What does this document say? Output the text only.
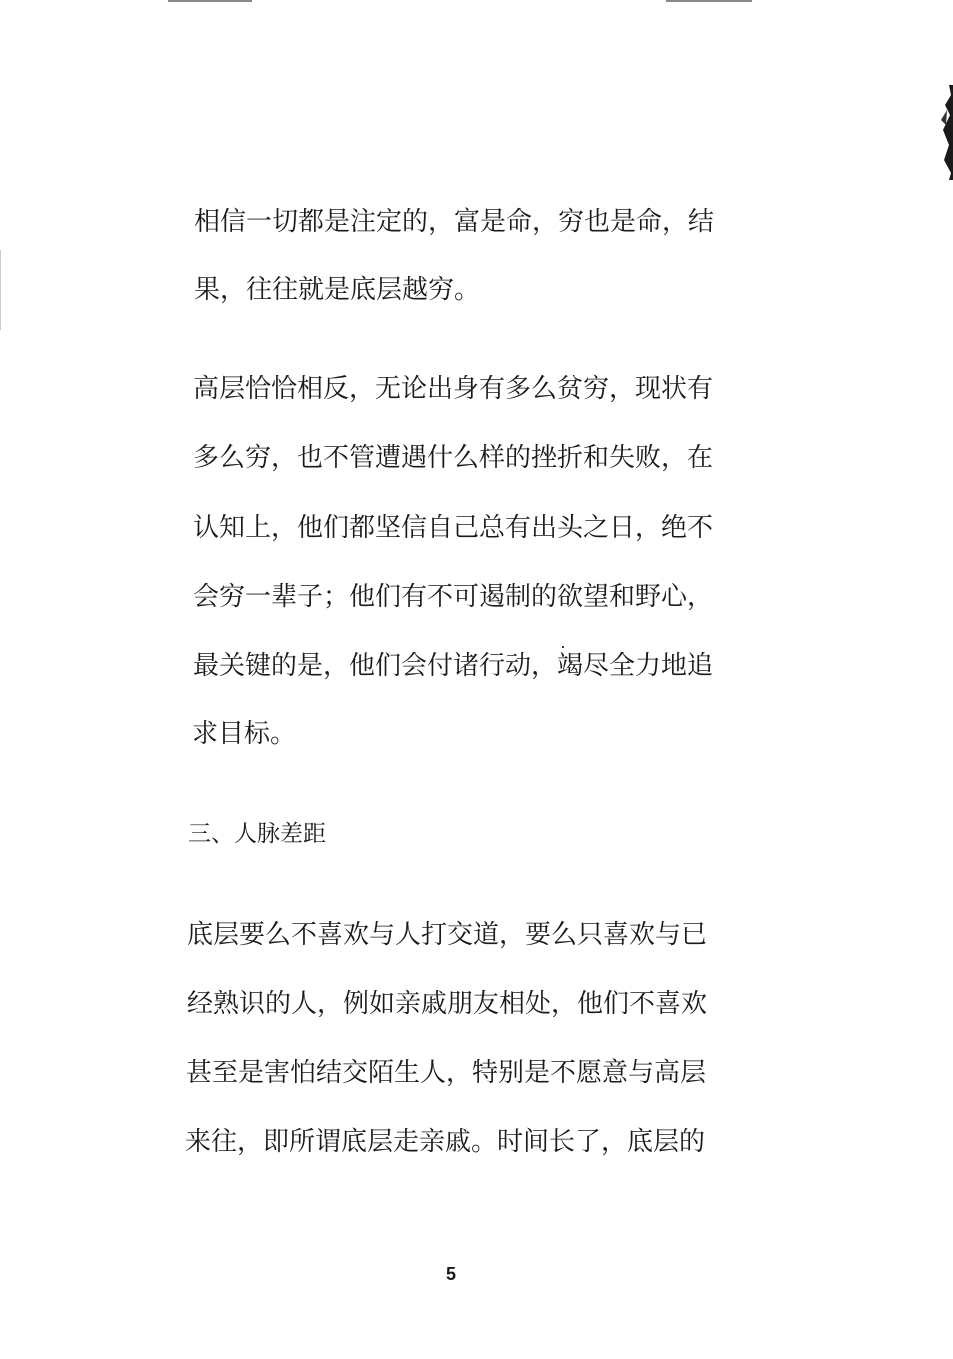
相信一切都是注定的，富是命，穷也是命，结
果，往往就是底层越穷。
高层恰恰相反，无论出身有多么贫穷，现状有
多么穷，也不管遭遇什么样的挫折和失败，在
认知上，他们都坚信自己总有出头之日，绝不
会穷一辈子；他们有不可遏制的欲望和野心，
最关键的是，他们会付诸行动，竭尽全力地追
求目标。
三、人脉差距
底层要么不喜欢与人打交道，要么只喜欢与已
经熟识的人，例如亲戚朋友相处，他们不喜欢
甚至是害怕结交陌生人，特别是不愿意与高层
来往，即所谓底层走亲戚。时间长了，底层的
5
